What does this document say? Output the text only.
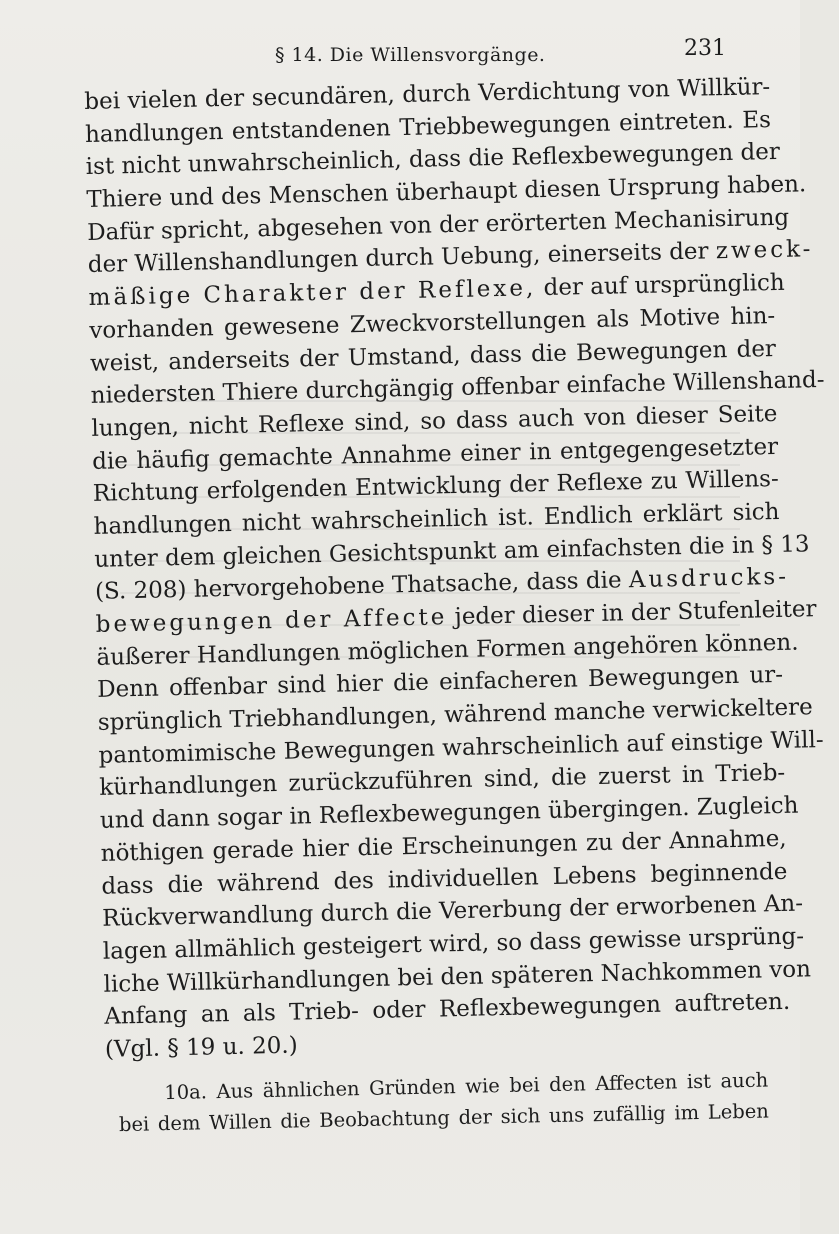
§ 14. Die Willensvorgänge.	231
bei vielen der secundären, durch Verdichtung von Willkür-
handlungen entstandenen Triebbewegungen eintreten. Es
ist nicht unwahrscheinlich, dass die Reflexbewegungen der
Thiere und des Menschen überhaupt diesen Ursprung haben.
Dafür spricht, abgesehen von der erörterten Mechanisirung
der Willenshandlungen durch Uebung, einerseits der zweck-
mäßige Charakter der Reflexe, der auf ursprünglich
vorhanden gewesene Zweckvorstellungen als Motive hin-
weist, anderseits der Umstand, dass die Bewegungen der
niedersten Thiere durchgängig offenbar einfache Willenshand-
lungen, nicht Reflexe sind, so dass auch von dieser Seite
die häufig gemachte Annahme einer in entgegengesetzter
Richtung erfolgenden Entwicklung der Reflexe zu Willens-
handlungen nicht wahrscheinlich ist. Endlich erklärt sich
unter dem gleichen Gesichtspunkt am einfachsten die in § 13
(S. 208) hervorgehobene Thatsache, dass die Ausdrucks-
bewegungen der Affecte jeder dieser in der Stufenleiter
äußerer Handlungen möglichen Formen angehören können.
Denn offenbar sind hier die einfacheren Bewegungen ur-
sprünglich Triebhandlungen, während manche verwickeltere
pantomimische Bewegungen wahrscheinlich auf einstige Will-
kürhandlungen zurückzuführen sind, die zuerst in Trieb-
und dann sogar in Reflexbewegungen übergingen. Zugleich
nöthigen gerade hier die Erscheinungen zu der Annahme,
dass die während des individuellen Lebens beginnende
Rückverwandlung durch die Vererbung der erworbenen An-
lagen allmählich gesteigert wird, so dass gewisse ursprüng-
liche Willkürhandlungen bei den späteren Nachkommen von
Anfang an als Trieb- oder Reflexbewegungen auftreten.
(Vgl. § 19 u. 20.)
10a. Aus ähnlichen Gründen wie bei den Affecten ist auch
bei dem Willen die Beobachtung der sich uns zufällig im Leben
